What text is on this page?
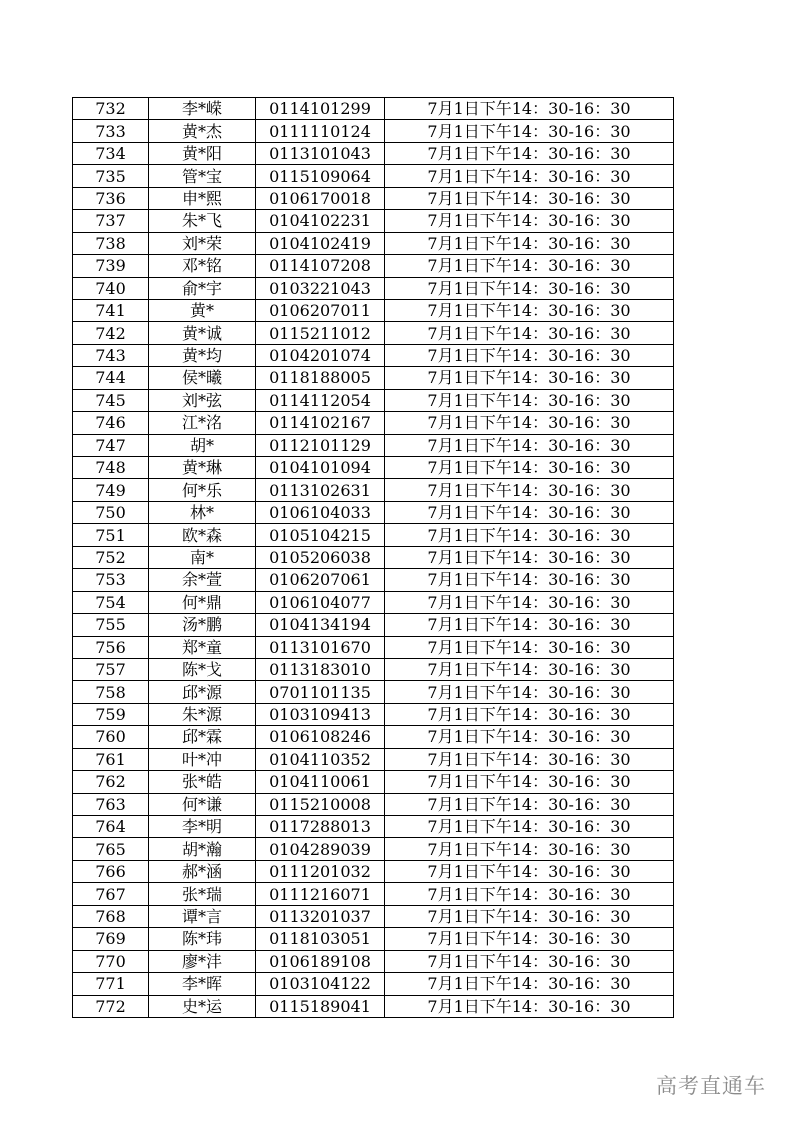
732	李*嵘	0114101299	7月1日下午14：30-16：30
733	黄*杰	0111110124	7月1日下午14：30-16：30
734	黄*阳	0113101043	7月1日下午14：30-16：30
735	管*宝	0115109064	7月1日下午14：30-16：30
736	申*熙	0106170018	7月1日下午14：30-16：30
737	朱*飞	0104102231	7月1日下午14：30-16：30
738	刘*荣	0104102419	7月1日下午14：30-16：30
739	邓*铭	0114107208	7月1日下午14：30-16：30
740	俞*宇	0103221043	7月1日下午14：30-16：30
741	黄*	0106207011	7月1日下午14：30-16：30
742	黄*诚	0115211012	7月1日下午14：30-16：30
743	黄*均	0104201074	7月1日下午14：30-16：30
744	侯*曦	0118188005	7月1日下午14：30-16：30
745	刘*弦	0114112054	7月1日下午14：30-16：30
746	江*洺	0114102167	7月1日下午14：30-16：30
747	胡*	0112101129	7月1日下午14：30-16：30
748	黄*琳	0104101094	7月1日下午14：30-16：30
749	何*乐	0113102631	7月1日下午14：30-16：30
750	林*	0106104033	7月1日下午14：30-16：30
751	欧*森	0105104215	7月1日下午14：30-16：30
752	南*	0105206038	7月1日下午14：30-16：30
753	余*萱	0106207061	7月1日下午14：30-16：30
754	何*鼎	0106104077	7月1日下午14：30-16：30
755	汤*鹏	0104134194	7月1日下午14：30-16：30
756	郑*童	0113101670	7月1日下午14：30-16：30
757	陈*戈	0113183010	7月1日下午14：30-16：30
758	邱*源	0701101135	7月1日下午14：30-16：30
759	朱*源	0103109413	7月1日下午14：30-16：30
760	邱*霖	0106108246	7月1日下午14：30-16：30
761	叶*冲	0104110352	7月1日下午14：30-16：30
762	张*皓	0104110061	7月1日下午14：30-16：30
763	何*谦	0115210008	7月1日下午14：30-16：30
764	李*明	0117288013	7月1日下午14：30-16：30
765	胡*瀚	0104289039	7月1日下午14：30-16：30
766	郝*涵	0111201032	7月1日下午14：30-16：30
767	张*瑞	0111216071	7月1日下午14：30-16：30
768	谭*言	0113201037	7月1日下午14：30-16：30
769	陈*玮	0118103051	7月1日下午14：30-16：30
770	廖*沣	0106189108	7月1日下午14：30-16：30
771	李*晖	0103104122	7月1日下午14：30-16：30
772	史*运	0115189041	7月1日下午14：30-16：30
高考直通车
